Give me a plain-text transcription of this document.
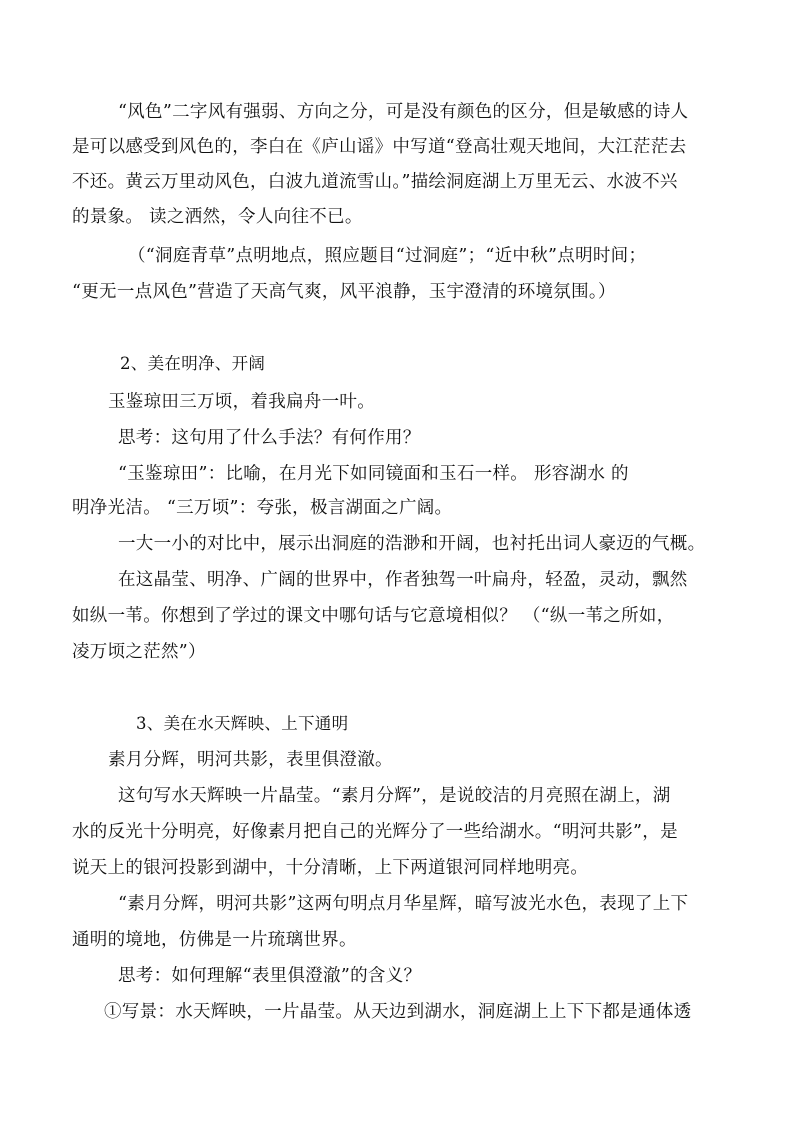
“风色”二字风有强弱、方向之分，可是没有颜色的区分，但是敏感的诗人
是可以感受到风色的，李白在《庐山谣》中写道“登高壮观天地间，大江茫茫去
不还。黄云万里动风色，白波九道流雪山。”描绘洞庭湖上万里无云、水波不兴
的景象。 读之洒然，令人向往不已。
（“洞庭青草”点明地点，照应题目“过洞庭”；“近中秋”点明时间；
“更无一点风色”营造了天高气爽，风平浪静，玉宇澄清的环境氛围。）
2、美在明净、开阔
玉鉴琼田三万顷，着我扁舟一叶。
思考：这句用了什么手法？有何作用？
“玉鉴琼田”：比喻，在月光下如同镜面和玉石一样。 形容湖水 的
明净光洁。 “三万顷”：夸张，极言湖面之广阔。
一大一小的对比中，展示出洞庭的浩渺和开阔，也衬托出词人豪迈的气概。
在这晶莹、明净、广阔的世界中，作者独驾一叶扁舟，轻盈，灵动，飘然
如纵一苇。你想到了学过的课文中哪句话与它意境相似？ （“纵一苇之所如，
凌万顷之茫然”）
3、美在水天辉映、上下通明
素月分辉，明河共影，表里俱澄澈。
这句写水天辉映一片晶莹。“素月分辉”，是说皎洁的月亮照在湖上，湖
水的反光十分明亮，好像素月把自己的光辉分了一些给湖水。“明河共影”，是
说天上的银河投影到湖中，十分清晰，上下两道银河同样地明亮。
“素月分辉，明河共影”这两句明点月华星辉，暗写波光水色，表现了上下
通明的境地，仿佛是一片琉璃世界。
思考：如何理解“表里俱澄澈”的含义？
①写景：水天辉映，一片晶莹。从天边到湖水，洞庭湖上上下下都是通体透
